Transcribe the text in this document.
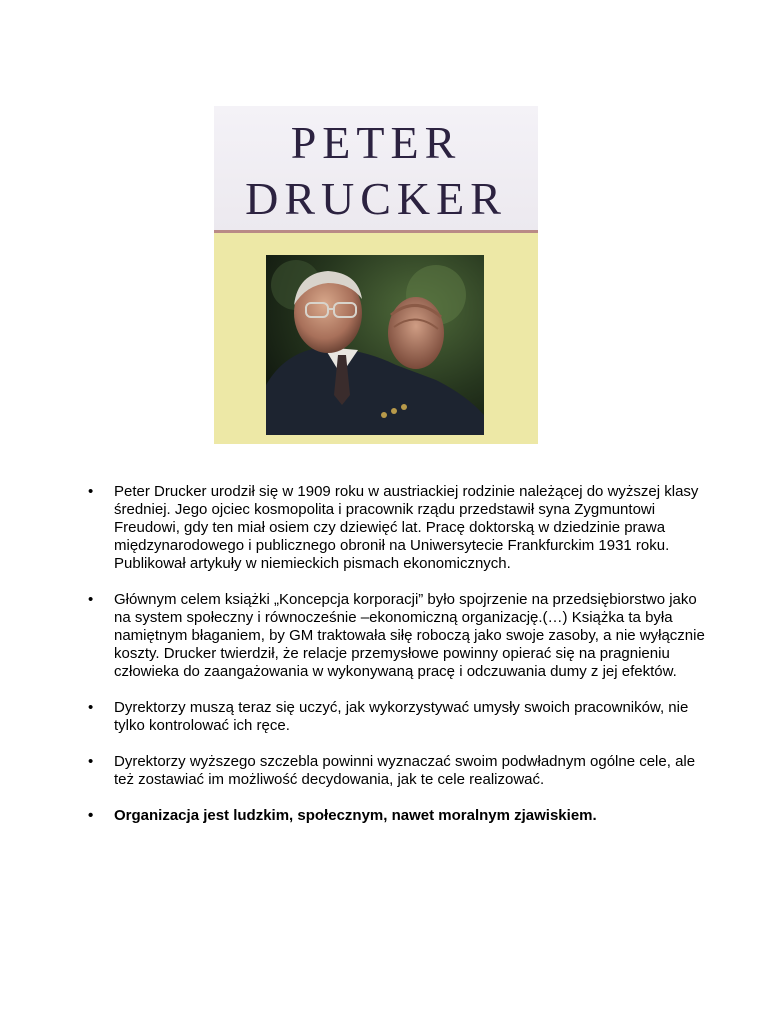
PETER
DRUCKER
• Peter Drucker urodził się w 1909 roku w austriackiej rodzinie należącej do wyższej klasy średniej. Jego ojciec kosmopolita i pracownik rządu przedstawił syna Zygmuntowi Freudowi, gdy ten miał osiem czy dziewięć lat. Pracę doktorską w dziedzinie prawa międzynarodowego i publicznego obronił na Uniwersytecie Frankfurckim 1931 roku. Publikował artykuły w niemieckich pismach ekonomicznych.
• Głównym celem książki „Koncepcja korporacji” było spojrzenie na przedsiębiorstwo jako na system społeczny i równocześnie –ekonomiczną organizację.(…) Książka ta była namiętnym błaganiem, by GM traktowała siłę roboczą jako swoje zasoby, a nie wyłącznie koszty. Drucker twierdził, że relacje przemysłowe powinny opierać się na pragnieniu człowieka do zaangażowania w wykonywaną pracę i odczuwania dumy z jej efektów.
• Dyrektorzy muszą teraz się uczyć, jak wykorzystywać umysły swoich pracowników, nie tylko kontrolować ich ręce.
• Dyrektorzy wyższego szczebla powinni wyznaczać swoim podwładnym ogólne cele, ale też zostawiać im możliwość decydowania, jak te cele realizować.
• Organizacja jest ludzkim, społecznym, nawet moralnym zjawiskiem.
